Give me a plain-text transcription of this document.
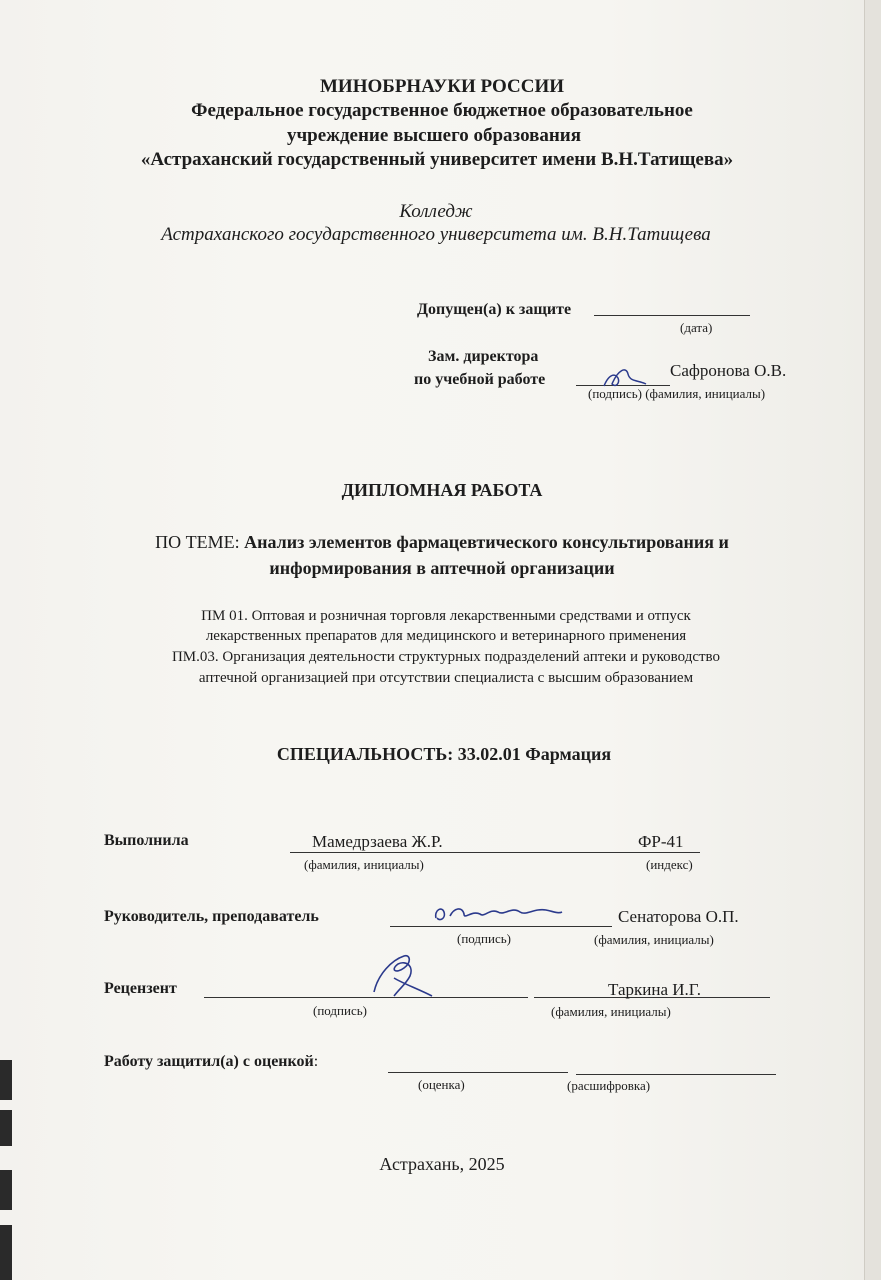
МИНОБРНАУКИ РОССИИ
Федеральное государственное бюджетное образовательное
учреждение высшего образования
«Астраханский государственный университет имени В.Н.Татищева»
Колледж
Астраханского государственного университета им. В.Н.Татищева
Допущен(а) к защите
(дата)
Зам. директора
по учебной работе	Сафронова О.В.
(подпись) (фамилия, инициалы)
ДИПЛОМНАЯ РАБОТА
ПО ТЕМЕ: Анализ элементов фармацевтического консультирования и
информирования в аптечной организации
ПМ 01. Оптовая и розничная торговля лекарственными средствами и отпуск
лекарственных препаратов для медицинского и ветеринарного применения
ПМ.03. Организация деятельности структурных подразделений аптеки и руководство
аптечной организацией при отсутствии специалиста с высшим образованием
СПЕЦИАЛЬНОСТЬ: 33.02.01 Фармация
Выполнила	Мамедрзаева Ж.Р.	ФР-41
(фамилия, инициалы)	(индекс)
Руководитель, преподаватель	Сенаторова О.П.
(подпись)	(фамилия, инициалы)
Рецензент	Таркина И.Г.
(подпись)	(фамилия, инициалы)
Работу защитил(а) с оценкой:
(оценка)	(расшифровка)
Астрахань, 2025
